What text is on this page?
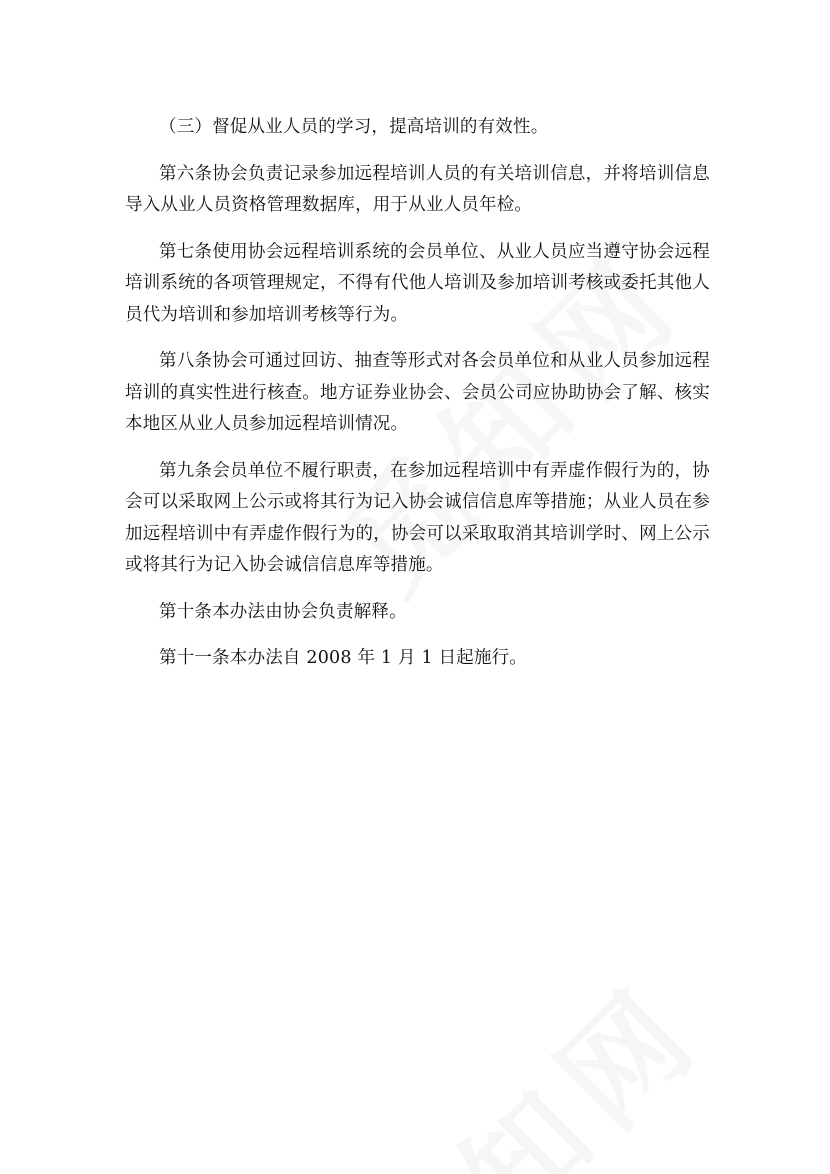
（三）督促从业人员的学习，提高培训的有效性。

第六条协会负责记录参加远程培训人员的有关培训信息，并将培训信息导入从业人员资格管理数据库，用于从业人员年检。

第七条使用协会远程培训系统的会员单位、从业人员应当遵守协会远程培训系统的各项管理规定，不得有代他人培训及参加培训考核或委托其他人员代为培训和参加培训考核等行为。

第八条协会可通过回访、抽查等形式对各会员单位和从业人员参加远程培训的真实性进行核查。地方证券业协会、会员公司应协助协会了解、核实本地区从业人员参加远程培训情况。

第九条会员单位不履行职责，在参加远程培训中有弄虚作假行为的，协会可以采取网上公示或将其行为记入协会诚信信息库等措施；从业人员在参加远程培训中有弄虚作假行为的，协会可以采取取消其培训学时、网上公示或将其行为记入协会诚信信息库等措施。

第十条本办法由协会负责解释。

第十一条本办法自 2008 年 1 月 1 日起施行。
